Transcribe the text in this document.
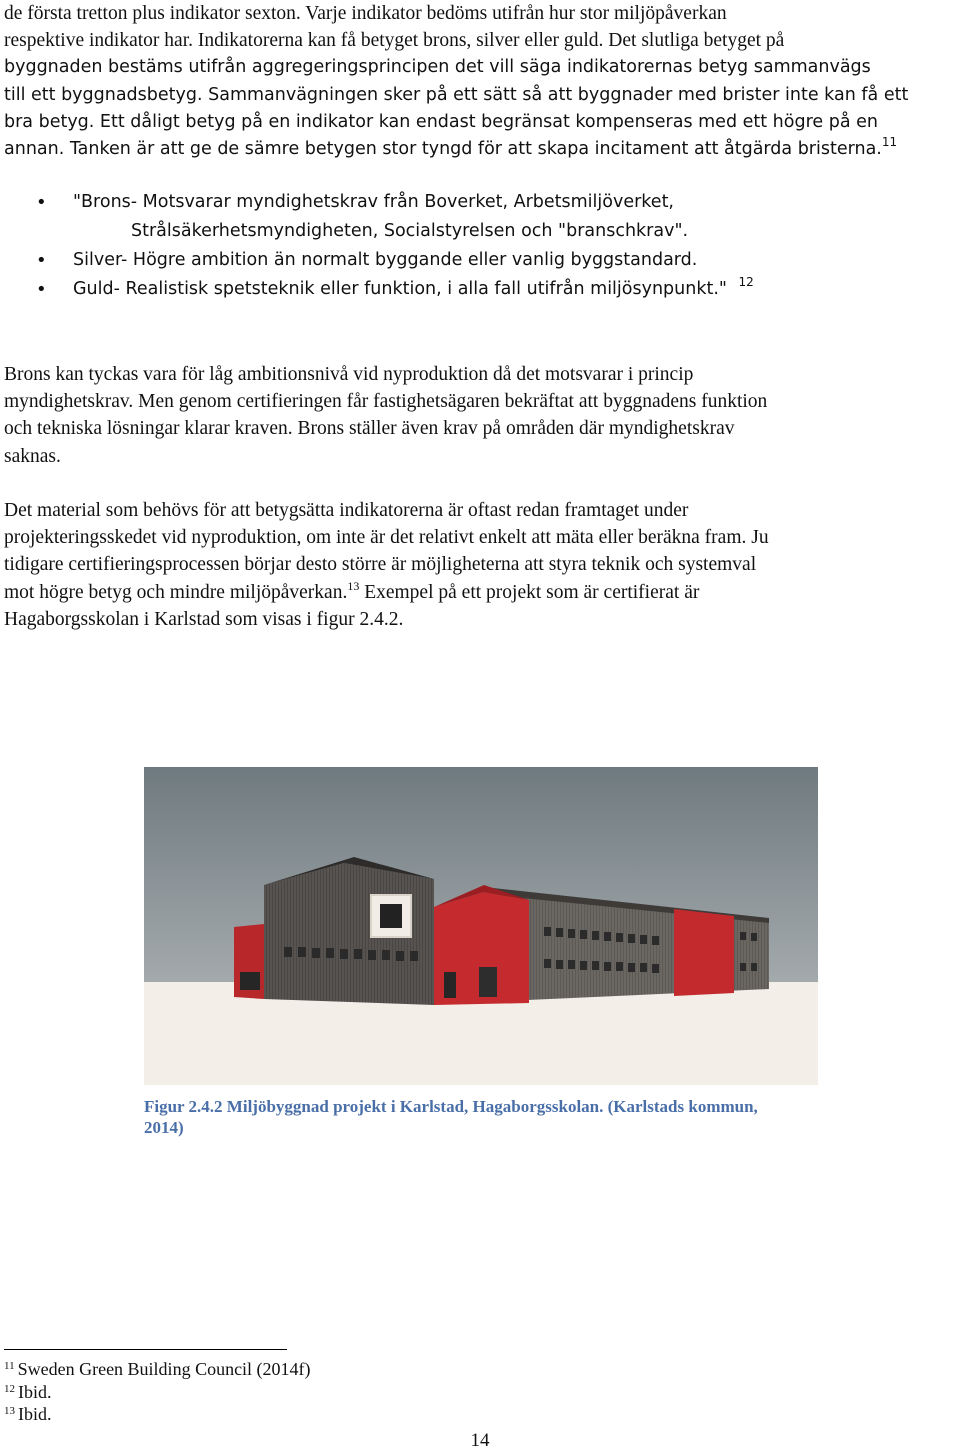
de första tretton plus indikator sexton. Varje indikator bedöms utifrån hur stor miljöpåverkan
respektive indikator har. Indikatorerna kan få betyget brons, silver eller guld. Det slutliga betyget på
byggnaden bestäms utifrån aggregeringsprincipen det vill säga indikatorernas betyg sammanvägs
till ett byggnadsbetyg. Sammanvägningen sker på ett sätt så att byggnader med brister inte kan få ett
bra betyg. Ett dåligt betyg på en indikator kan endast begränsat kompenseras med ett högre på en
annan. Tanken är att ge de sämre betygen stor tyngd för att skapa incitament att åtgärda bristerna.$^{11}$
• "Brons- Motsvarar myndighetskrav från Boverket, Arbetsmiljöverket,
Strålsäkerhetsmyndigheten, Socialstyrelsen och "branschkrav".
• Silver- Högre ambition än normalt byggande eller vanlig byggstandard.
• Guld- Realistisk spetsteknik eller funktion, i alla fall utifrån miljösynpunkt." $^{12}$
Brons kan tyckas vara för låg ambitionsnivå vid nyproduktion då det motsvarar i princip
myndighetskrav. Men genom certifieringen får fastighetsägaren bekräftat att byggnadens funktion
och tekniska lösningar klarar kraven. Brons ställer även krav på områden där myndighetskrav
saknas.
Det material som behövs för att betygsätta indikatorerna är oftast redan framtaget under
projekteringsskedet vid nyproduktion, om inte är det relativt enkelt att mäta eller beräkna fram. Ju
tidigare certifieringsprocessen börjar desto större är möjligheterna att styra teknik och systemval
mot högre betyg och mindre miljöpåverkan.$^{13}$ Exempel på ett projekt som är certifierat är
Hagaborgsskolan i Karlstad som visas i figur 2.4.2.
Figur 2.4.2 Miljöbyggnad projekt i Karlstad, Hagaborgsskolan. (Karlstads kommun,
2014)
$^{11}$ Sweden Green Building Council (2014f)
$^{12}$ Ibid.
$^{13}$ Ibid.
14
